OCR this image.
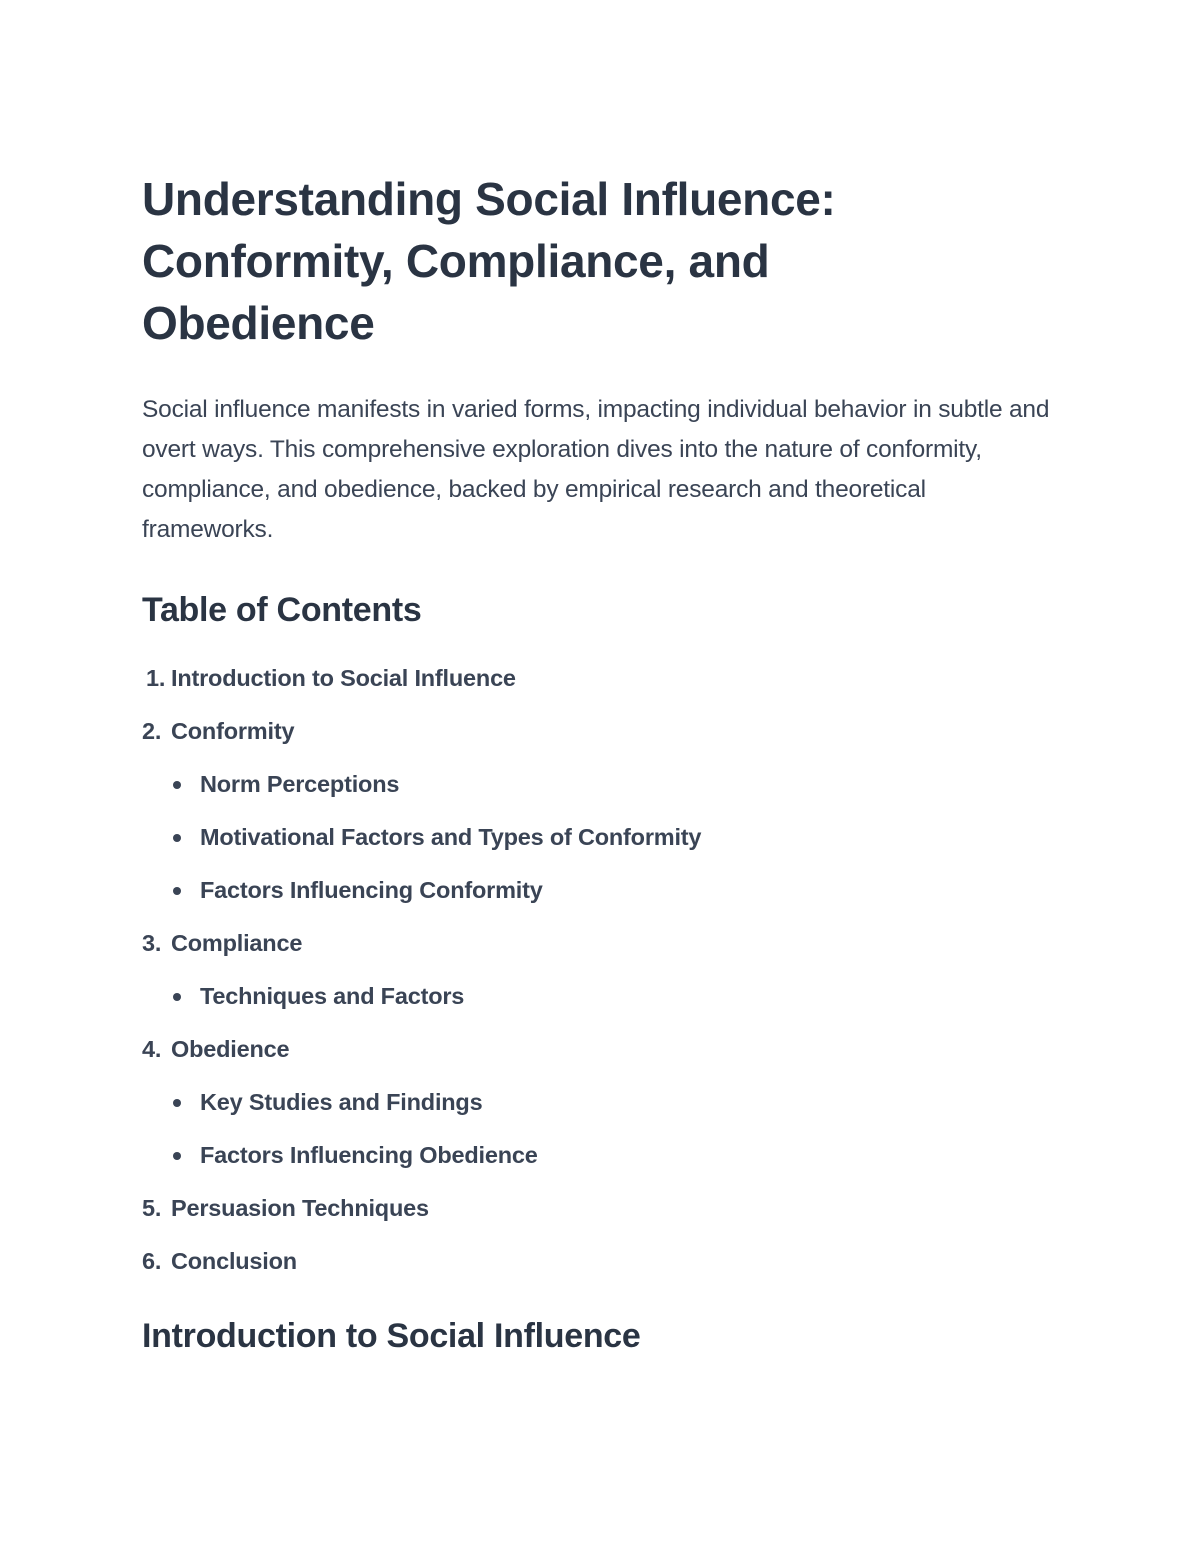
Understanding Social Influence:
Conformity, Compliance, and
Obedience

Social influence manifests in varied forms, impacting individual behavior in subtle and overt ways. This comprehensive exploration dives into the nature of conformity, compliance, and obedience, backed by empirical research and theoretical frameworks.

Table of Contents
1. Introduction to Social Influence
2. Conformity
Norm Perceptions
Motivational Factors and Types of Conformity
Factors Influencing Conformity
3. Compliance
Techniques and Factors
4. Obedience
Key Studies and Findings
Factors Influencing Obedience
5. Persuasion Techniques
6. Conclusion
Introduction to Social Influence
